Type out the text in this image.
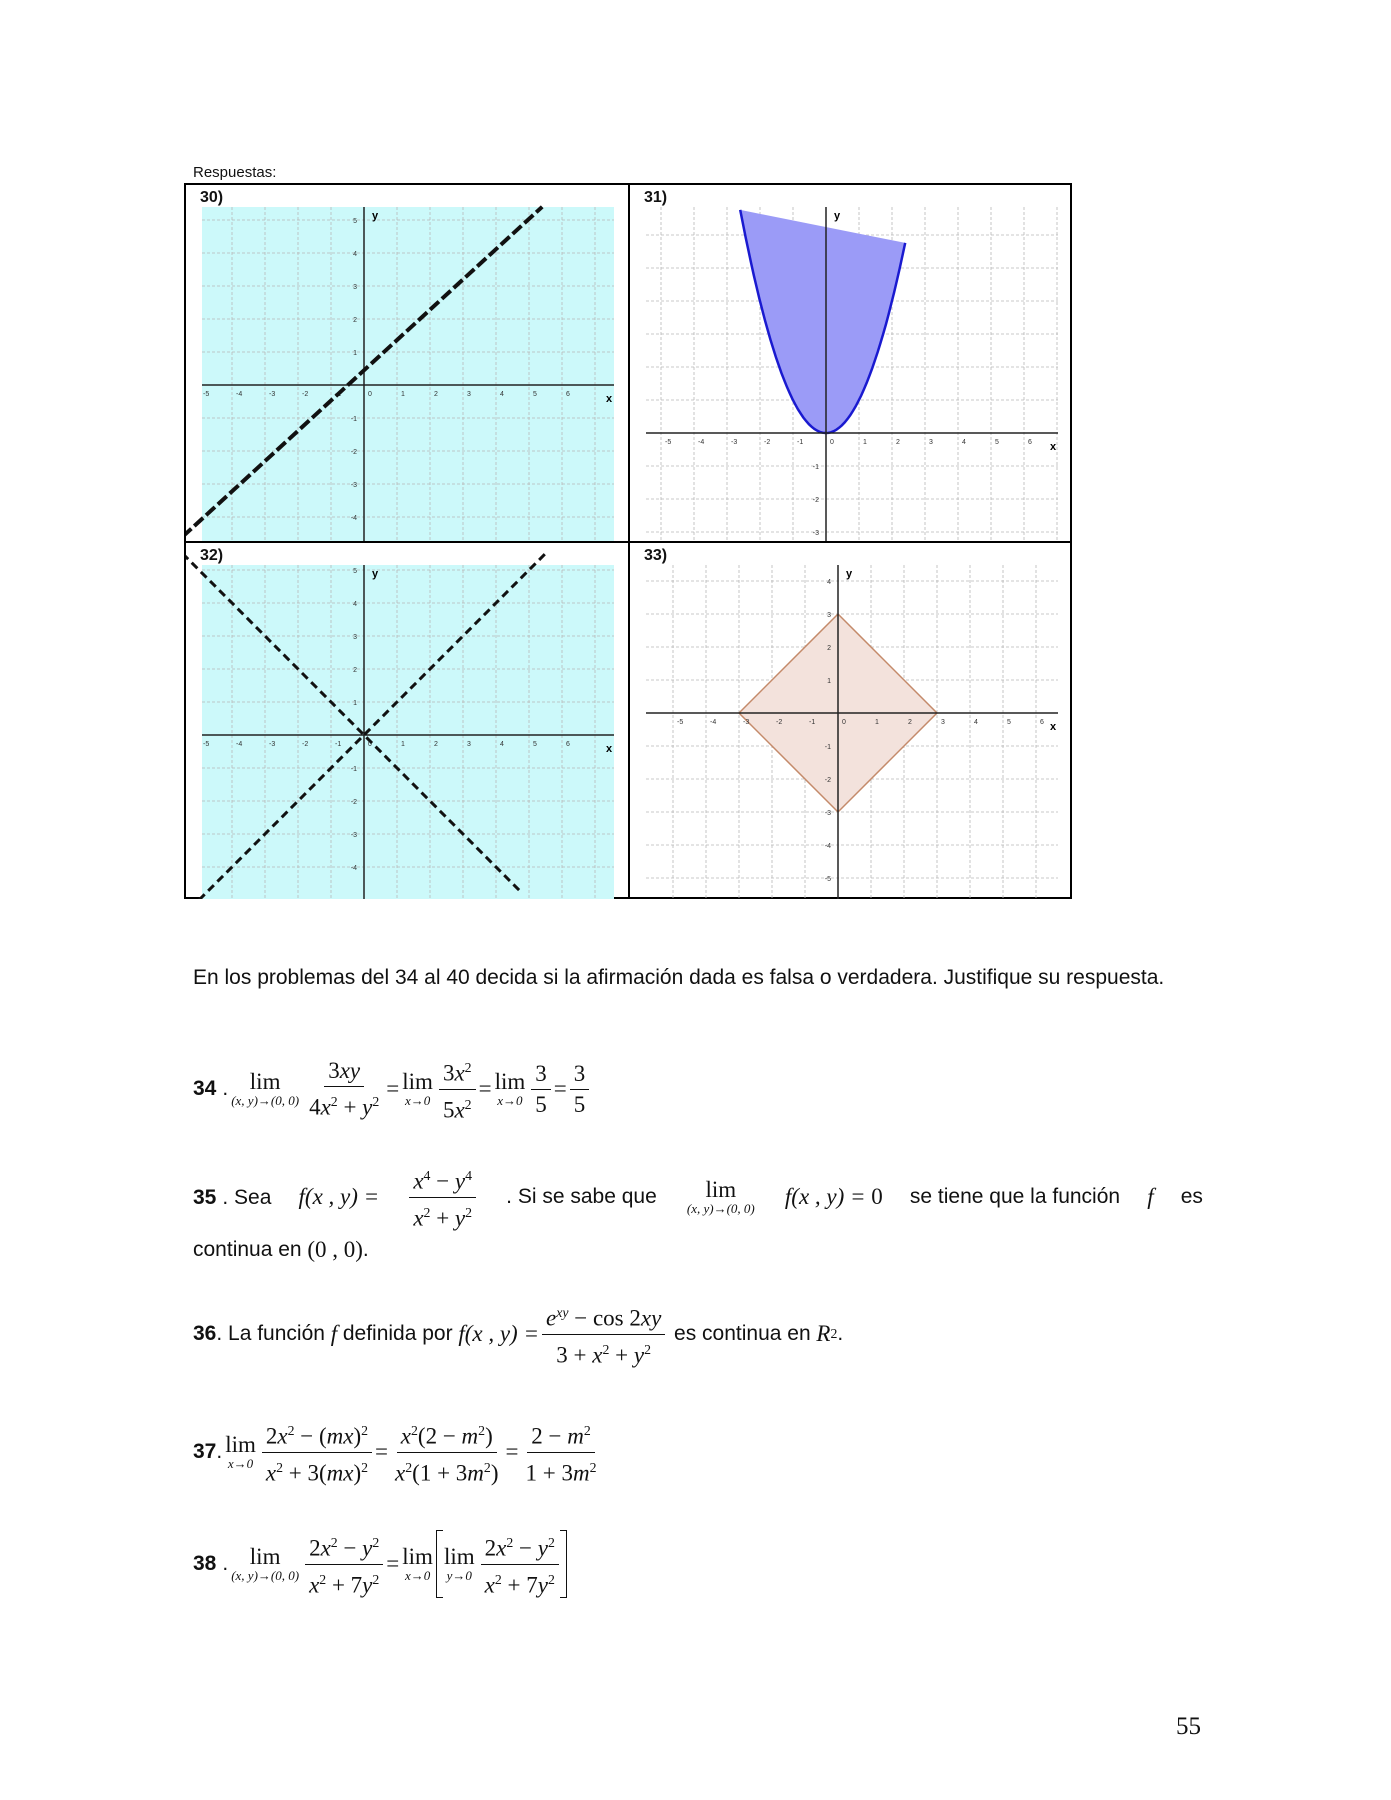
Respuestas:
30)
-5	-4	-3	-2	0	1	2	3	4	5	6
5
4
3
2
1
-1
-2
-3
-4
x
y
31)
-5	-4	-3	-2	-1	0	1	2	3	4	5	6
-1
-2
-3
x
y
32)
-5	-4	-3	-2	-1	0	1	2	3	4	5	6
5
4
3
2
1
-1
-2
-3
-4
x
y
33)
-5	-4	-3	-2	-1	0	1	2	3	4	5	6
4
3
2
1
-1
-2
-3
-4
-5
x
y
En los problemas del 34 al 40 decida si la afirmación dada es falsa o verdadera. Justifique su respuesta.
34 . lim
(x, y)→(0, $0) \frac{3xy}{4x^2 + y^2} = \lim$
$x\to 0 \frac{3x^2}{5x^2} = \lim$
$x\to 0 \frac{3}{5} = \frac{3}{5}$
35 . Sea f(x , $y) = \frac{x^4 - y^4}{x^2 + y^2}$ . Si se sabe que lim
(x, y)→(0, 0) f(x , y) = 0 se tiene que la función f es
continua en
(0 , 0) .
36 . La función
f
definida por
f(x , $y) = \frac{e^{xy} - \cos 2xy}{3 + x^2 + y^2}$
es continua en
R 2 .
37 . lim
$x\to 0 \frac{2x^2 - (mx)^2}{x^2 + 3(mx)^2} = \frac{x^2(2 - m^2)}{x^2(1 + 3m^2)} = \frac{2 - m^2}{1 + 3m^2}$
38 . lim
(x, y)→(0, $0) \frac{2x^2 - y^2}{x^2 + 7y^2} = \lim$
x→0
lim
$y\to 0 \frac{2x^2 - y^2}{x^2 + 7y^2}$
55
